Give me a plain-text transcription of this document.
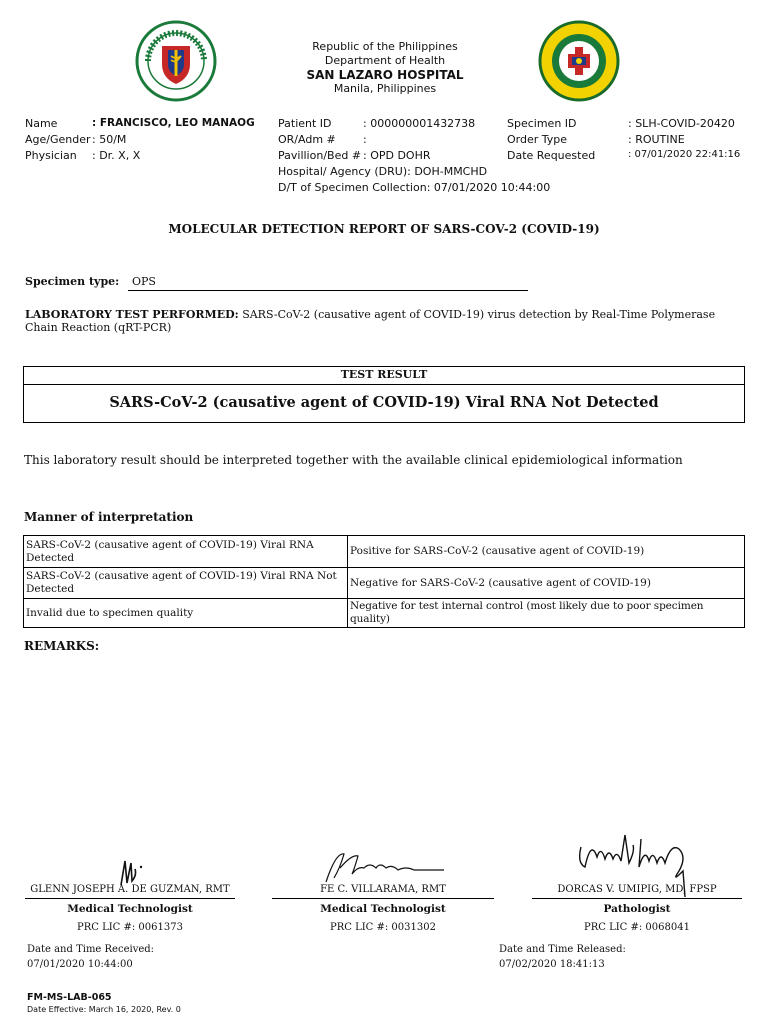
Republic of the Philippines
Department of Health
SAN LAZARO HOSPITAL
Manila, Philippines
Name	: FRANCISCO, LEO MANAOG
Age/Gender : 50/M
Physician : Dr. X, X
Patient ID	: 000000001432738
OR/Adm # :
Pavillion/Bed # : OPD DOHR
Hospital/ Agency (DRU): DOH-MMCHD
D/T of Specimen Collection: 07/01/2020 10:44:00
Specimen ID	: SLH-COVID-20420
Order Type	: ROUTINE
Date Requested	: 07/01/2020 22:41:16
MOLECULAR DETECTION REPORT OF SARS-COV-2 (COVID-19)
Specimen type: OPS
LABORATORY TEST PERFORMED: SARS-CoV-2 (causative agent of COVID-19) virus detection by Real-Time Polymerase Chain Reaction (qRT-PCR)
TEST RESULT
SARS-CoV-2 (causative agent of COVID-19) Viral RNA Not Detected
This laboratory result should be interpreted together with the available clinical epidemiological information
Manner of interpretation
SARS-CoV-2 (causative agent of COVID-19) Viral RNA Detected	Positive for SARS-CoV-2 (causative agent of COVID-19)
SARS-CoV-2 (causative agent of COVID-19) Viral RNA Not Detected	Negative for SARS-CoV-2 (causative agent of COVID-19)
Invalid due to specimen quality	Negative for test internal control (most likely due to poor specimen quality)
REMARKS:
GLENN JOSEPH A. DE GUZMAN, RMT
Medical Technologist
PRC LIC #: 0061373
FE C. VILLARAMA, RMT
Medical Technologist
PRC LIC #: 0031302
DORCAS V. UMIPIG, MD, FPSP
Pathologist
PRC LIC #: 0068041
Date and Time Received:
07/01/2020 10:44:00
Date and Time Released:
07/02/2020 18:41:13
FM-MS-LAB-065
Date Effective: March 16, 2020, Rev. 0
